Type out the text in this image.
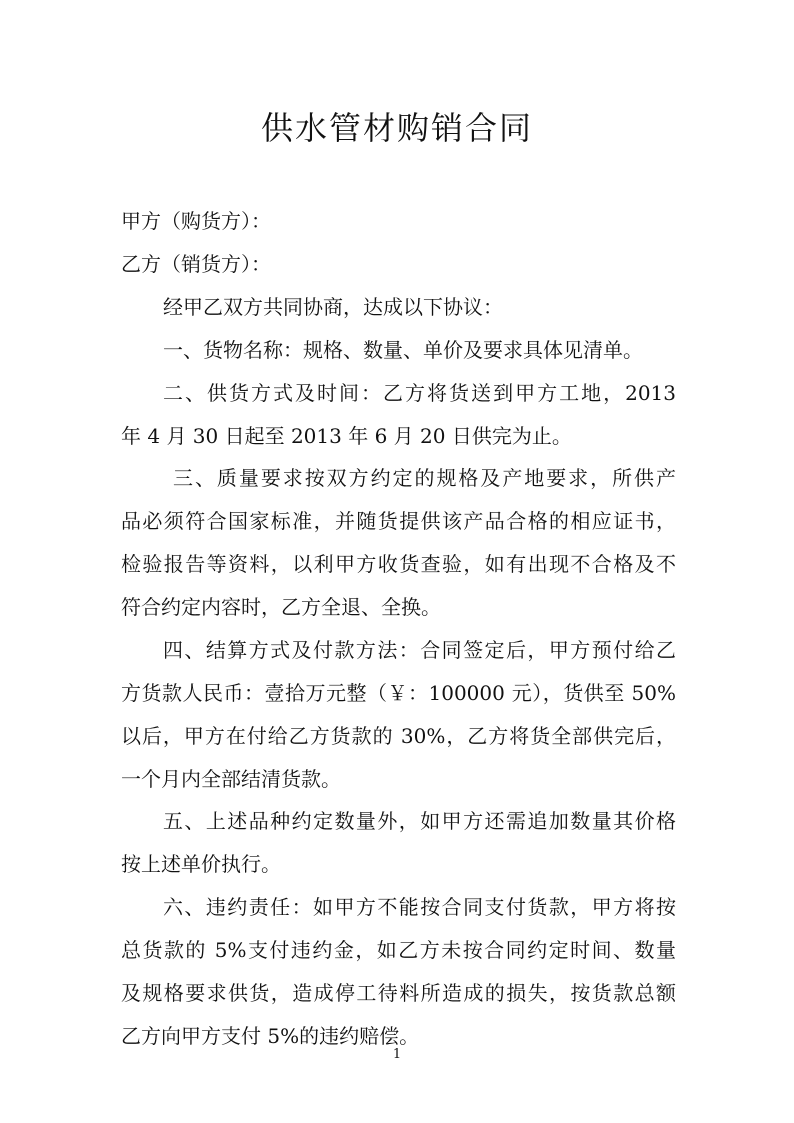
供水管材购销合同

甲方（购货方）：

乙方（销货方）：

经甲乙双方共同协商，达成以下协议：

一、货物名称：规格、数量、单价及要求具体见清单。

二、供货方式及时间：乙方将货送到甲方工地，2013

年 4 月 30 日起至 2013 年 6 月 20 日供完为止。

三、质量要求按双方约定的规格及产地要求，所供产

品必须符合国家标准，并随货提供该产品合格的相应证书，

检验报告等资料，以利甲方收货查验，如有出现不合格及不

符合约定内容时，乙方全退、全换。

四、结算方式及付款方法：合同签定后，甲方预付给乙

方货款人民币：壹拾万元整（￥：100000 元），货供至 50%

以后，甲方在付给乙方货款的 30%，乙方将货全部供完后，

一个月内全部结清货款。

五、上述品种约定数量外，如甲方还需追加数量其价格

按上述单价执行。

六、违约责任：如甲方不能按合同支付货款，甲方将按

总货款的 5%支付违约金，如乙方未按合同约定时间、数量

及规格要求供货，造成停工待料所造成的损失，按货款总额

乙方向甲方支付 5%的违约赔偿。

1
